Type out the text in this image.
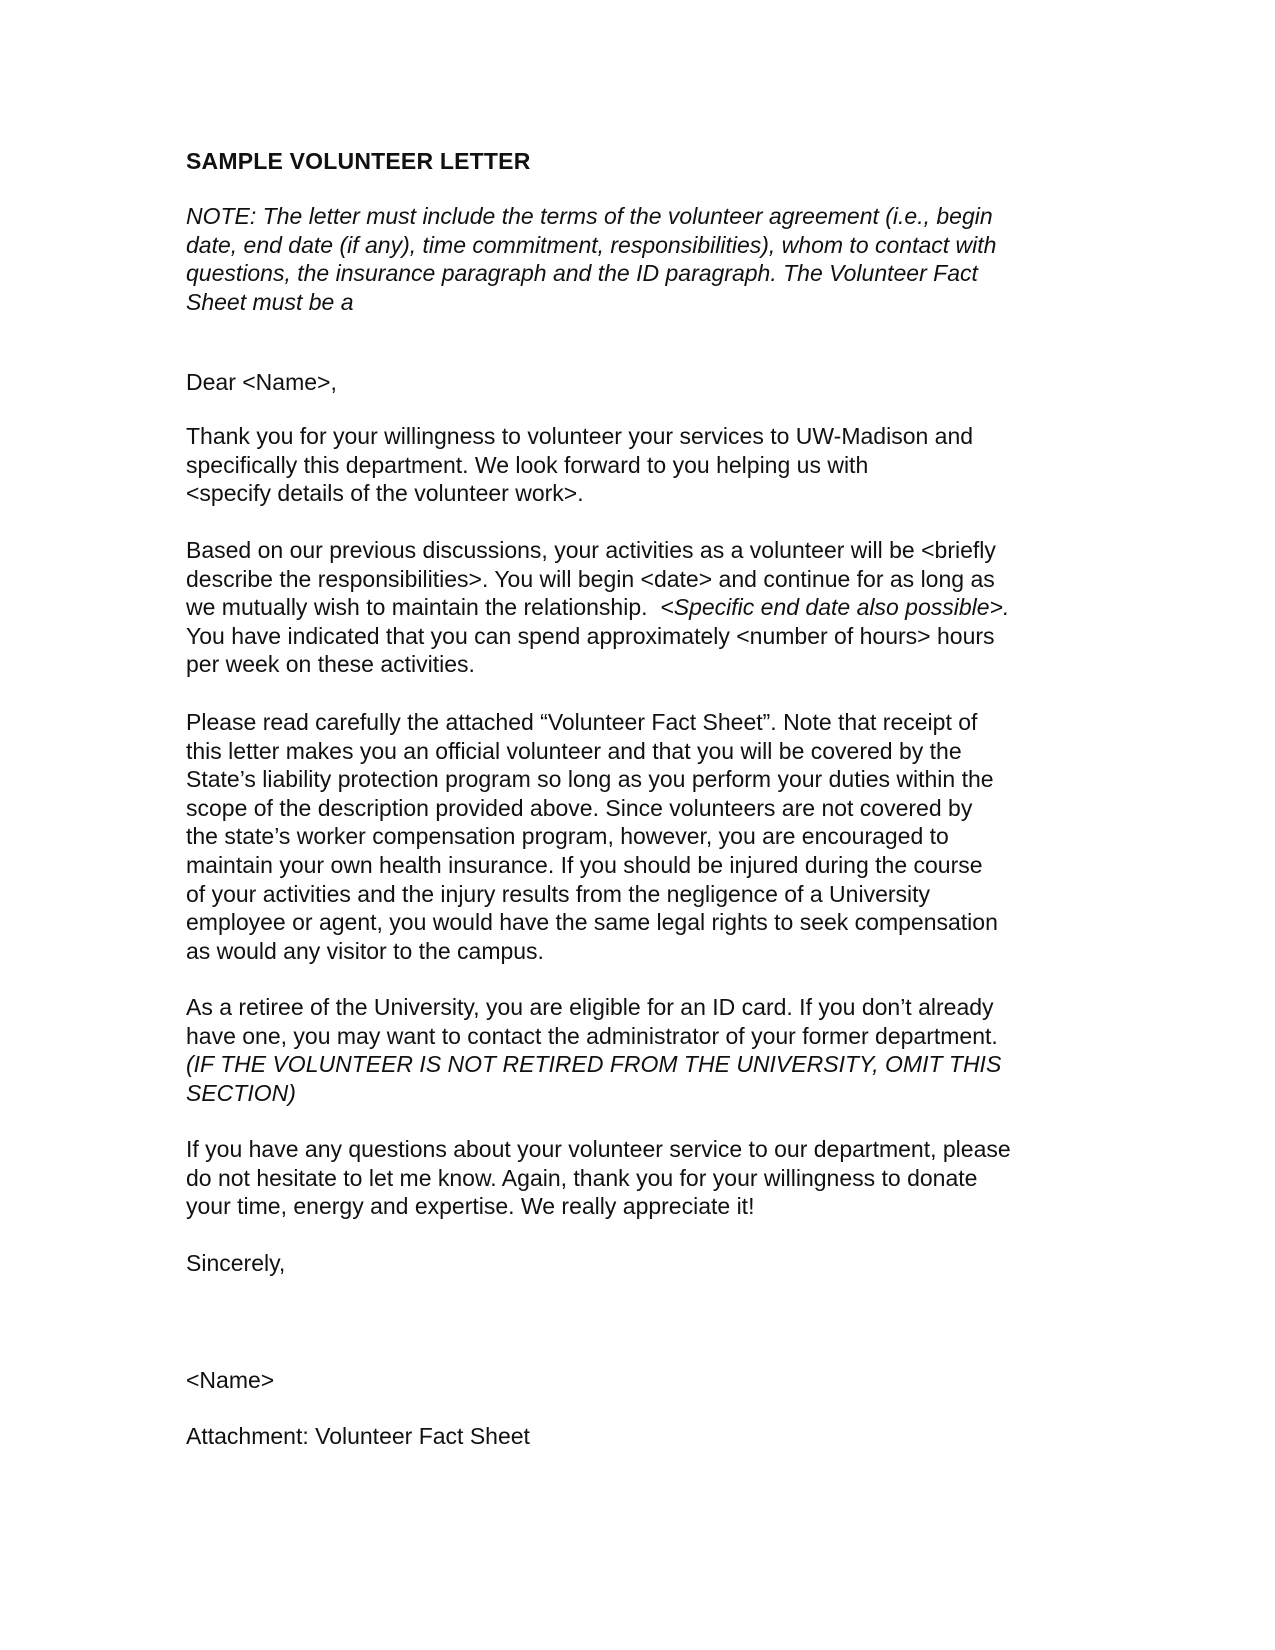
SAMPLE VOLUNTEER LETTER
NOTE: The letter must include the terms of the volunteer agreement (i.e., begin
date, end date (if any), time commitment, responsibilities), whom to contact with
questions, the insurance paragraph and the ID paragraph. The Volunteer Fact
Sheet must be a
Dear <Name>,
Thank you for your willingness to volunteer your services to UW-Madison and
specifically this department. We look forward to you helping us with
<specify details of the volunteer work>.
Based on our previous discussions, your activities as a volunteer will be <briefly
describe the responsibilities>. You will begin <date> and continue for as long as
we mutually wish to maintain the relationship.  <Specific end date also possible>.
You have indicated that you can spend approximately <number of hours> hours
per week on these activities.
Please read carefully the attached “Volunteer Fact Sheet”. Note that receipt of
this letter makes you an official volunteer and that you will be covered by the
State’s liability protection program so long as you perform your duties within the
scope of the description provided above. Since volunteers are not covered by
the state’s worker compensation program, however, you are encouraged to
maintain your own health insurance. If you should be injured during the course
of your activities and the injury results from the negligence of a University
employee or agent, you would have the same legal rights to seek compensation
as would any visitor to the campus.
As a retiree of the University, you are eligible for an ID card. If you don’t already
have one, you may want to contact the administrator of your former department.
(IF THE VOLUNTEER IS NOT RETIRED FROM THE UNIVERSITY, OMIT THIS
SECTION)
If you have any questions about your volunteer service to our department, please
do not hesitate to let me know. Again, thank you for your willingness to donate
your time, energy and expertise. We really appreciate it!
Sincerely,
<Name>
Attachment: Volunteer Fact Sheet
